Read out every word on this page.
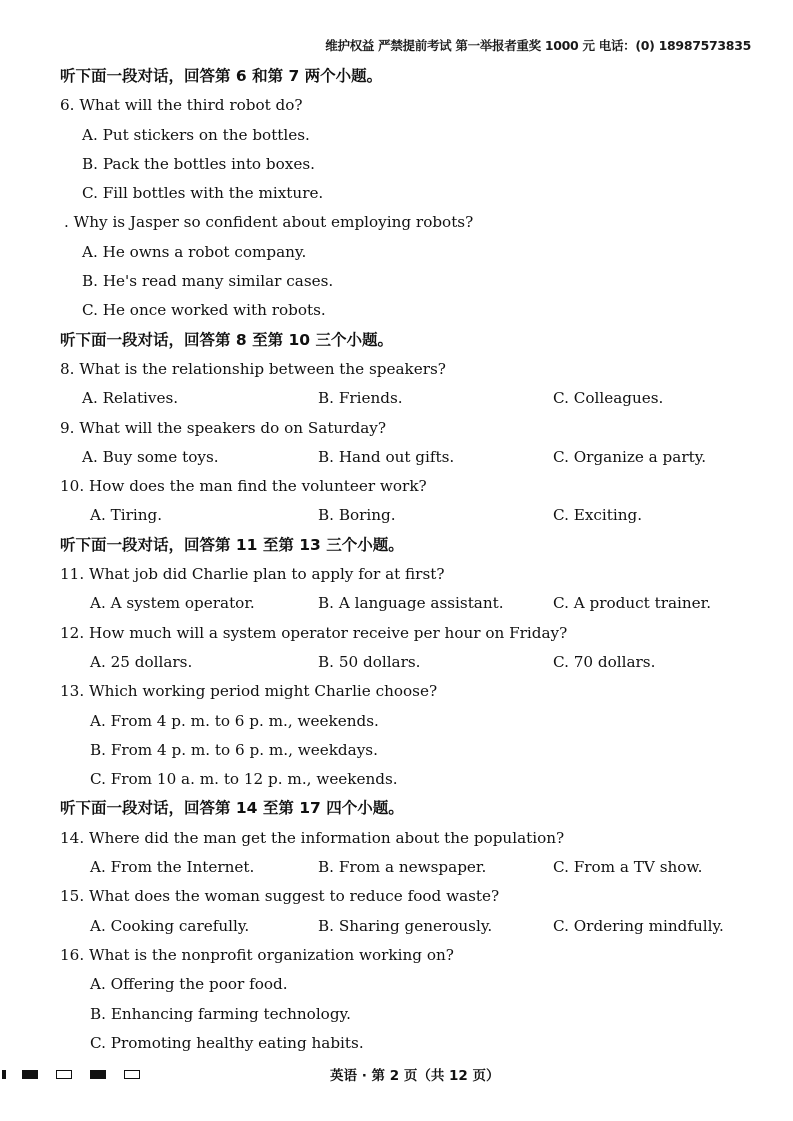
维护权益 严禁提前考试 第一举报者重奖 1000 元 电话：(0) 18987573835
听下面一段对话，回答第 6 和第 7 两个小题。
6. What will the third robot do?
A. Put stickers on the bottles.
B. Pack the bottles into boxes.
C. Fill bottles with the mixture.
. Why is Jasper so confident about employing robots?
A. He owns a robot company.
B. He's read many similar cases.
C. He once worked with robots.
听下面一段对话，回答第 8 至第 10 三个小题。
8. What is the relationship between the speakers?
A. Relatives.	B. Friends.	C. Colleagues.
9. What will the speakers do on Saturday?
A. Buy some toys.	B. Hand out gifts.	C. Organize a party.
10. How does the man find the volunteer work?
A. Tiring.	B. Boring.	C. Exciting.
听下面一段对话，回答第 11 至第 13 三个小题。
11. What job did Charlie plan to apply for at first?
A. A system operator.	B. A language assistant.	C. A product trainer.
12. How much will a system operator receive per hour on Friday?
A. 25 dollars.	B. 50 dollars.	C. 70 dollars.
13. Which working period might Charlie choose?
A. From 4 p. m. to 6 p. m., weekends.
B. From 4 p. m. to 6 p. m., weekdays.
C. From 10 a. m. to 12 p. m., weekends.
听下面一段对话，回答第 14 至第 17 四个小题。
14. Where did the man get the information about the population?
A. From the Internet.	B. From a newspaper.	C. From a TV show.
15. What does the woman suggest to reduce food waste?
A. Cooking carefully.	B. Sharing generously.	C. Ordering mindfully.
16. What is the nonprofit organization working on?
A. Offering the poor food.
B. Enhancing farming technology.
C. Promoting healthy eating habits.
英语 · 第 2 页（共 12 页）
